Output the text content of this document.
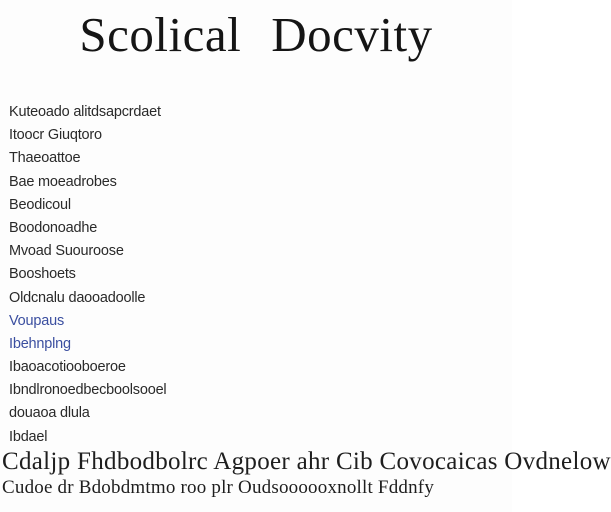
Scolical Docvity
Kuteoado alitdsapcrdaet
Itoocr Giuqtoro
Thaeoattoe
Bae moeadrobes
Beodicoul
Boodonoadhe
Mvoad Suouroose
Booshoets
Oldcnalu daooadoolle
Voupaus
Ibehnplng
Ibaoacotiooboeroe
Ibndlronoedbecboolsooel
douaoa dlula
Ibdael
Cdaljp Fhdbodbolrc Agpoer ahr Cib Covocaicas Ovdnelow
Cudoe dr Bdobdmtmo roo plr Oudsoooooxnollt Fddnfy
